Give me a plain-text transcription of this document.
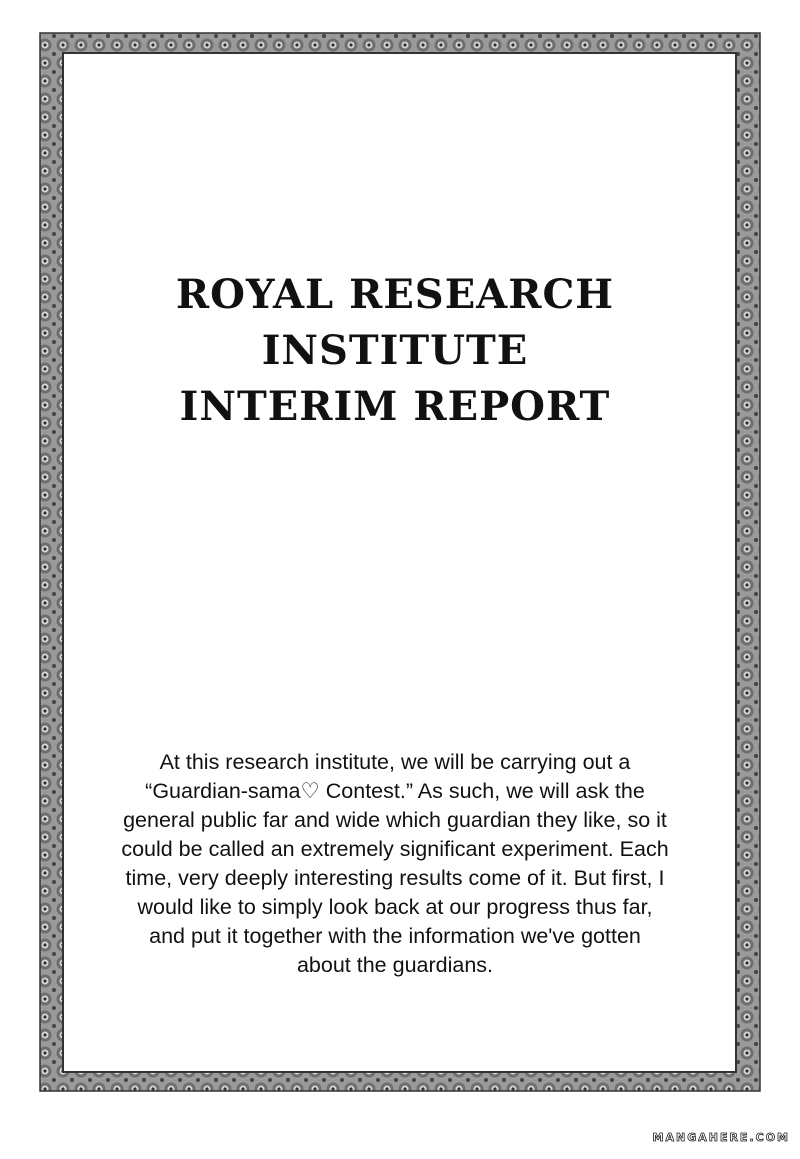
ROYAL RESEARCH
INSTITUTE
INTERIM REPORT

At this research institute, we will be carrying out a “Guardian-sama♡ Contest.” As such, we will ask the general public far and wide which guardian they like, so it could be called an extremely significant experiment. Each time, very deeply interesting results come of it. But first, I would like to simply look back at our progress thus far, and put it together with the information we've gotten about the guardians.

MANGAHERE.COM
